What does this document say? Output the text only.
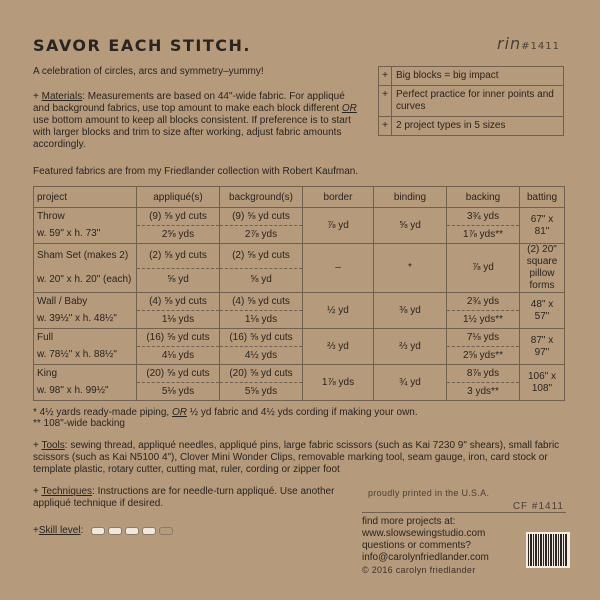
SAVOR EACH STITCH.	rin#1411

A celebration of circles, arcs and symmetry–yummy!

+ Materials: Measurements are based on 44"-wide fabric. For appliqué and background fabrics, use top amount to make each block different OR use bottom amount to keep all blocks consistent. If preference is to start with larger blocks and trim to size after working, adjust fabric amounts accordingly.

+	Big blocks = big impact
+	Perfect practice for inner points and curves
+	2 project types in 5 sizes
Featured fabrics are from my Friedlander collection with Robert Kaufman.
project	appliqué(s)	background(s)	border	binding	backing	batting
Throw	(9) ⅝ yd cuts	(9) ⅝ yd cuts	⅞ yd	⅝ yd	3¾ yds	67" x 81"
w. 59" x h. 73"	2⅝ yds	2⅞ yds			1⅞ yds**	
Sham Set (makes 2)	(2) ⅝ yd cuts	(2) ⅝ yd cuts	–	*	⅞ yd	(2) 20" square pillow forms
w. 20" x h. 20" (each)	⅝ yd	⅝ yd				
Wall / Baby	(4) ⅝ yd cuts	(4) ⅝ yd cuts	½ yd	⅜ yd	2¾ yds	48" x 57"
w. 39½" x h. 48½"	1⅛ yds	1⅛ yds			1½ yds**	
Full	(16) ⅝ yd cuts	(16) ⅝ yd cuts	⅔ yd	⅔ yd	7⅛ yds	87" x 97"
w. 78½" x h. 88½"	4⅛ yds	4½ yds			2⅝ yds**	
King	(20) ⅝ yd cuts	(20) ⅝ yd cuts	1⅞ yds	¾ yd	8⅞ yds	106" x 108"
w. 98" x h. 99½"	5⅛ yds	5⅝ yds			3 yds**	

* 4½ yards ready-made piping, OR ½ yd fabric and 4½ yds cording if making your own.

** 108"-wide backing

+ Tools: sewing thread, appliqué needles, appliqué pins, large fabric scissors (such as Kai 7230 9" shears), small fabric scissors (such as Kai N5100 4"), Clover Mini Wonder Clips, removable marking tool, seam gauge, iron, card stock or template plastic, rotary cutter, cutting mat, ruler, cording or zipper foot

+ Techniques: Instructions are for needle-turn appliqué. Use another appliqué technique if desired.

+ Skill level :
proudly printed in the U.S.A.
CF #1411
find more projects at:
www.slowsewingstudio.com
questions or comments?
info@carolynfriedlander.com
© 2016 carolyn friedlander
